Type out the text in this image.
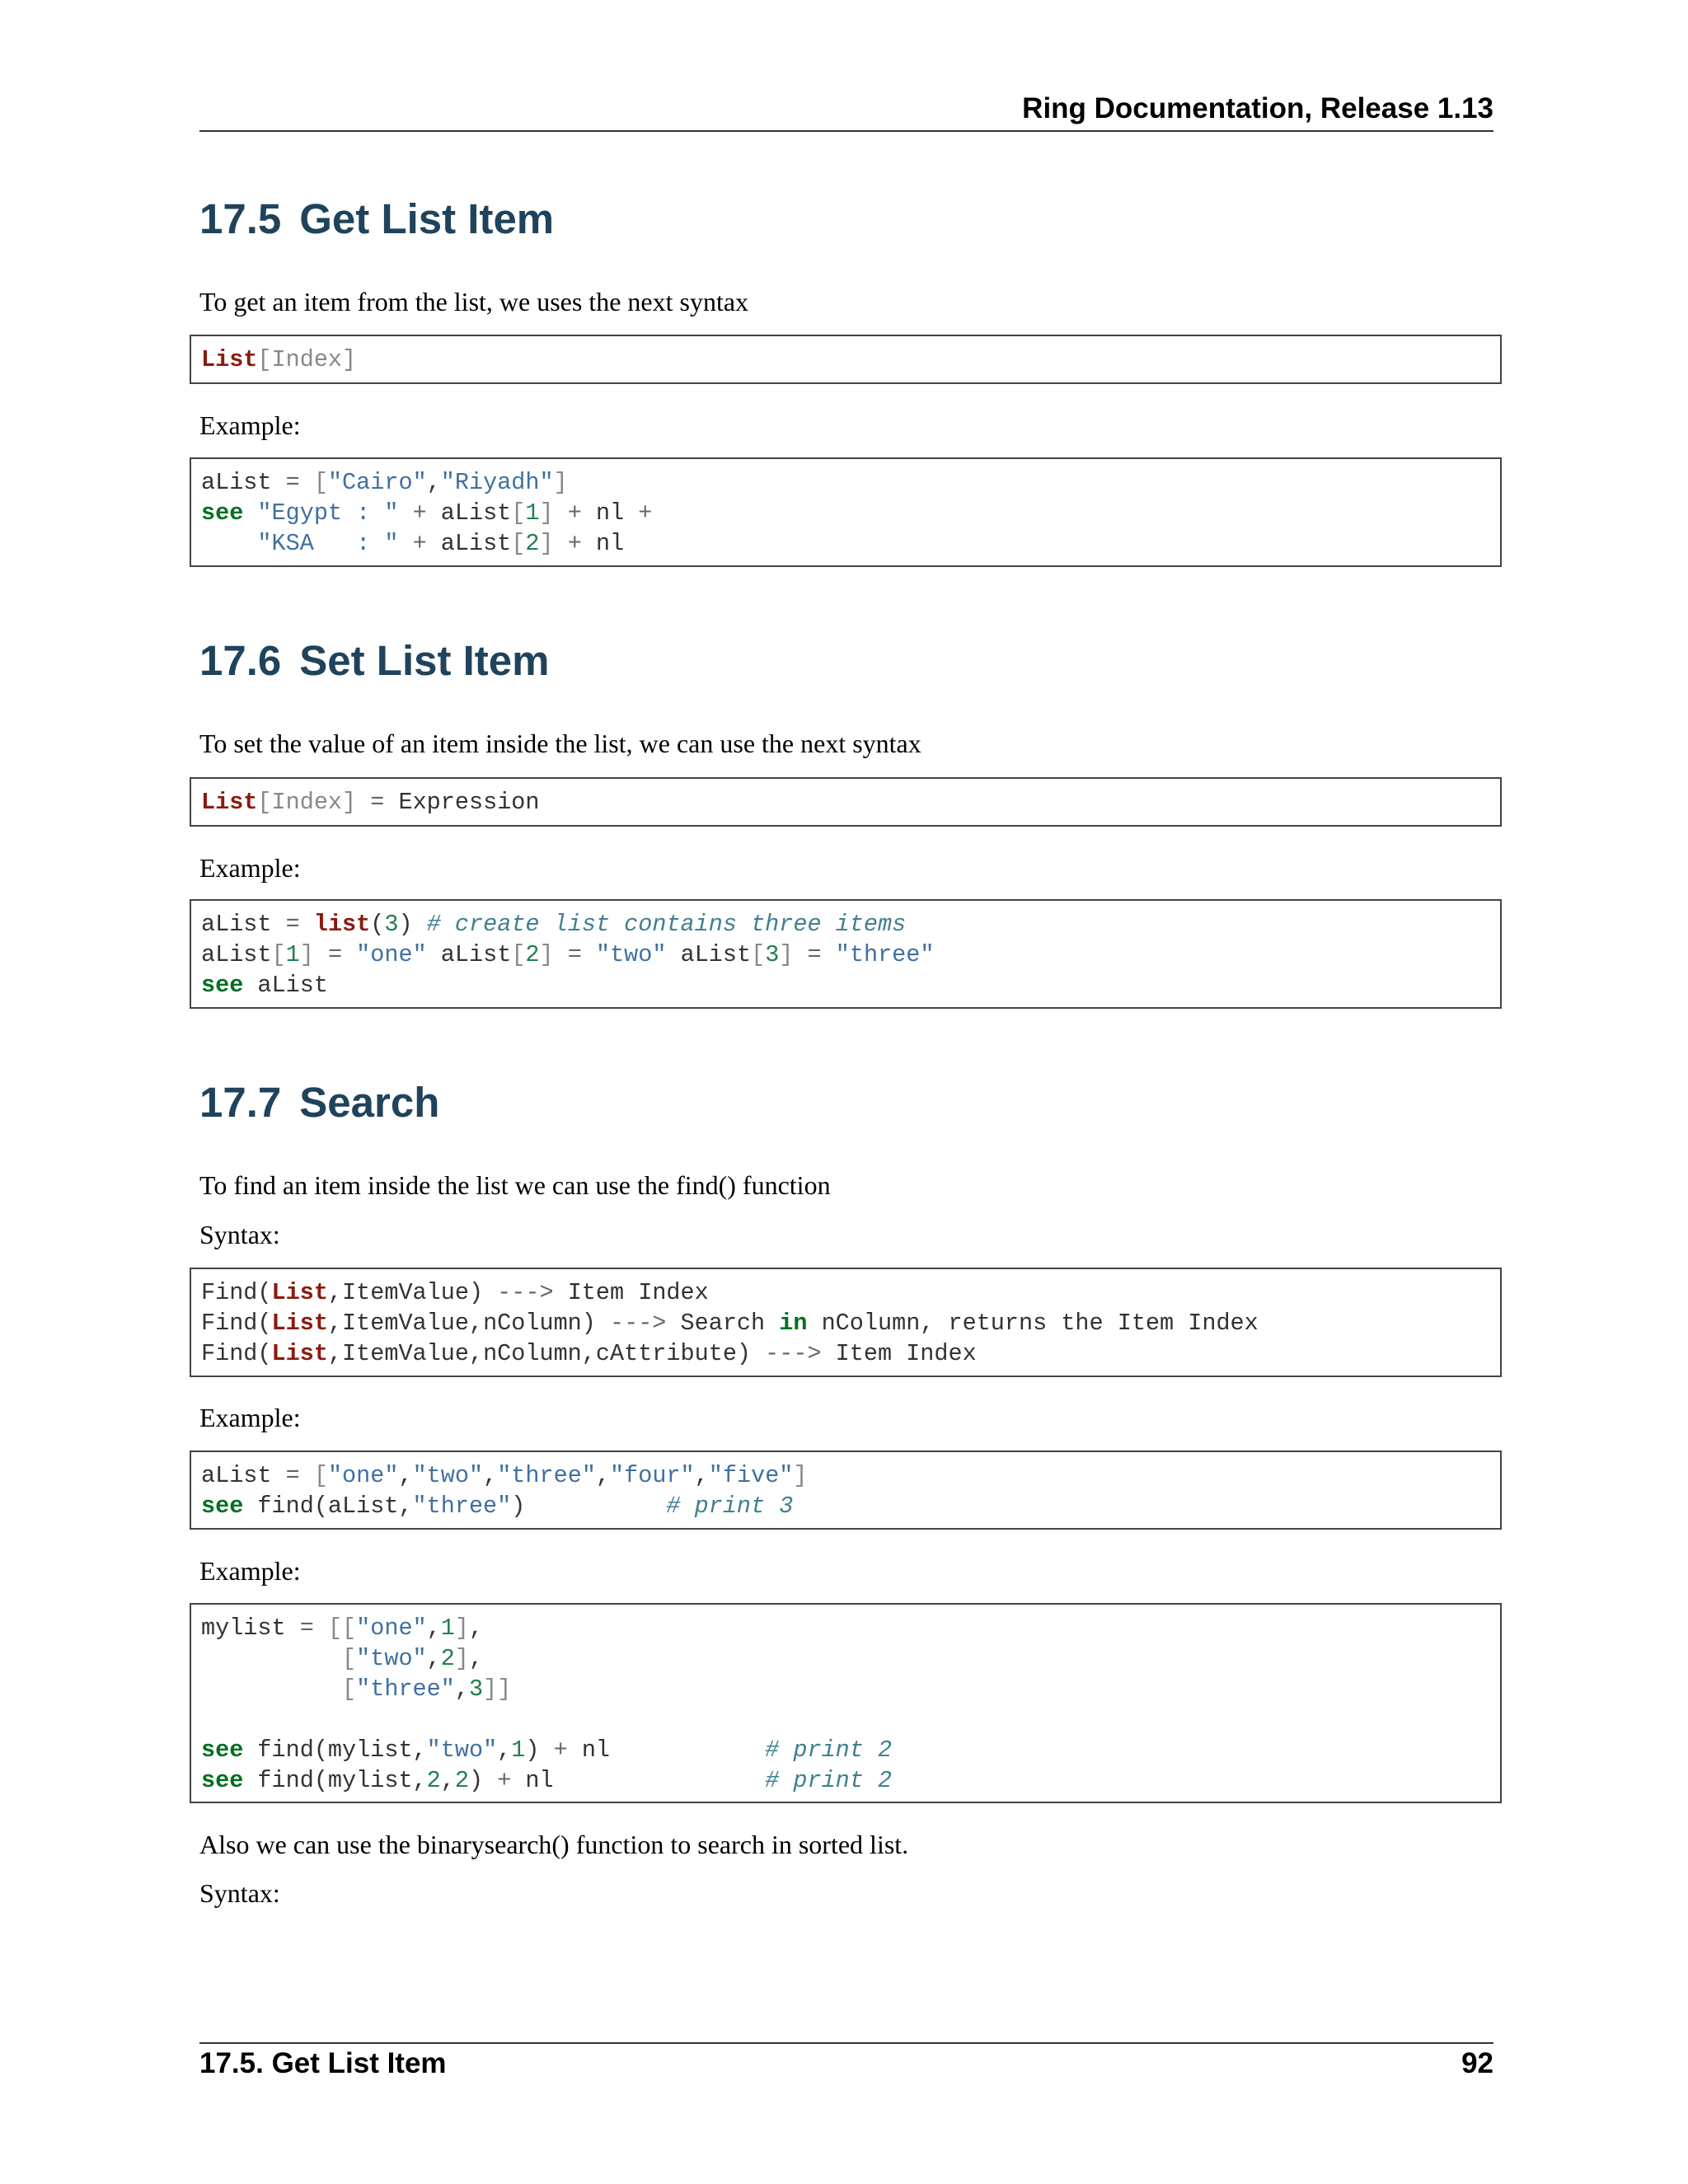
Ring Documentation, Release 1.13
17.5 Get List Item

To get an item from the list, we uses the next syntax

List[Index]

Example:

aList = ["Cairo","Riyadh"]
see "Egypt : " + aList[1] + nl +
"KSA   : " + aList[2] + nl
17.6 Set List Item

To set the value of an item inside the list, we can use the next syntax

List[Index] = Expression

Example:

aList = list(3) # create list contains three items
aList[1] = "one" aList[2] = "two" aList[3] = "three"
see aList
17.7 Search

To find an item inside the list we can use the find() function

Syntax:

Find(List,ItemValue) ---> Item Index
Find(List,ItemValue,nColumn) ---> Search in nColumn, returns the Item Index
Find(List,ItemValue,nColumn,cAttribute) ---> Item Index

Example:

aList = ["one","two","three","four","five"]
see find(aList,"three")          # print 3

Example:

mylist = [["one",1],
["two",2],
["three",3]]
see find(mylist,"two",1) + nl           # print 2
see find(mylist,2,2) + nl               # print 2

Also we can use the binarysearch() function to search in sorted list.

Syntax:

17.5. Get List Item	92
